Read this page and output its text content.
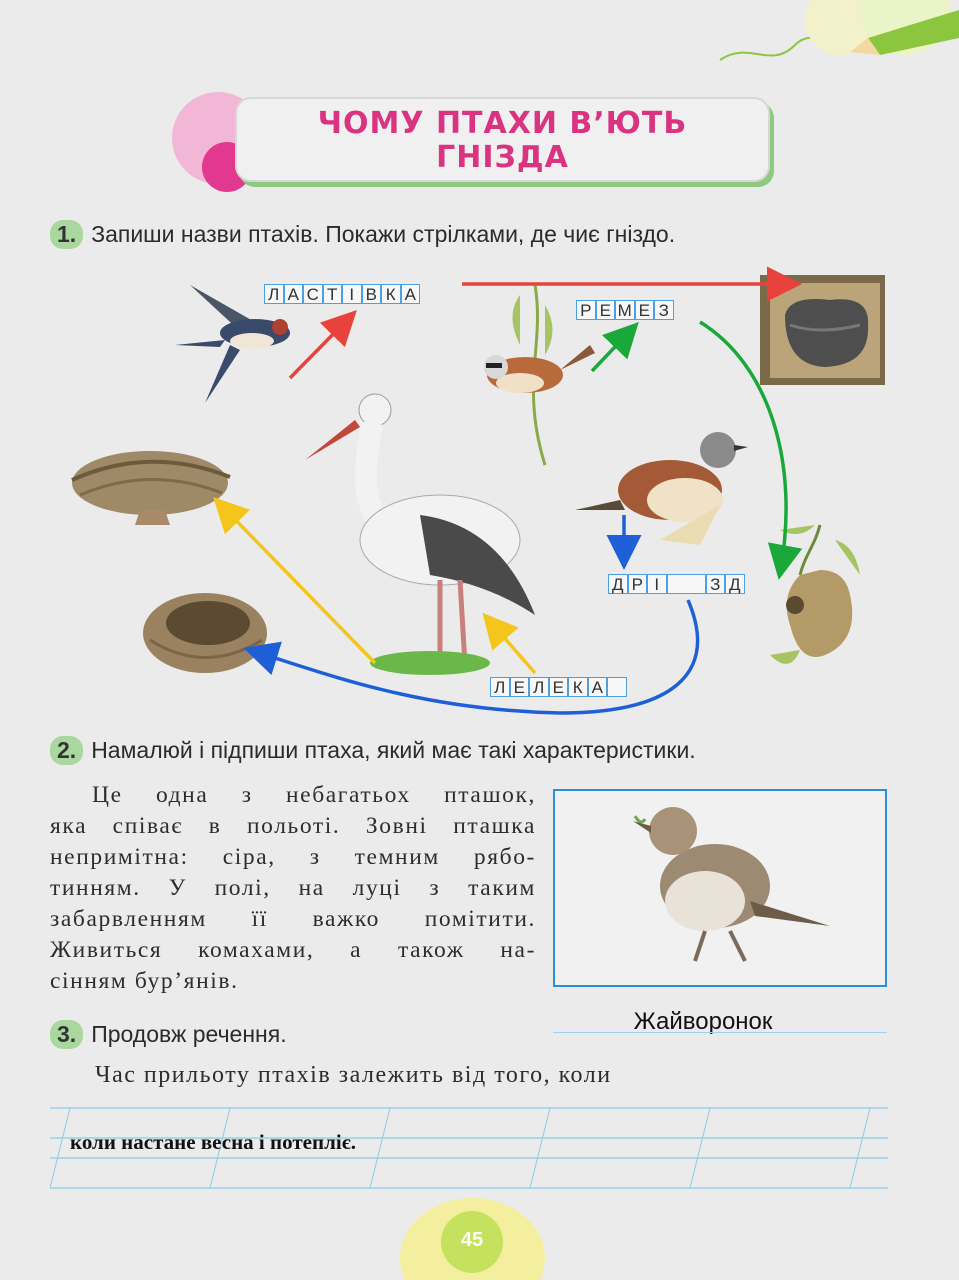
ЧОМУ ПТАХИ В’ЮТЬ
ГНІЗДА
1. Запиши назви птахів. Покажи стрілками, де чиє гніздо.
Л А С Т І В К А
Р Е М Е З
Д Р І	З Д
Л Е Л Е К А
2. Намалюй і підпиши птаха, який має такі характеристики.
Це одна з небагатьох пташок,
яка співає в польоті. Зовні пташка
непримітна: сіра, з темним рябо-
тинням. У полі, на луці з таким
забарвленням її важко помітити.
Живиться комахами, а також на-
сінням бур’янів.
Жайворонок
3. Продовж речення.
Час прильоту птахів залежить від того, коли
коли настане весна і потепліє.
45
